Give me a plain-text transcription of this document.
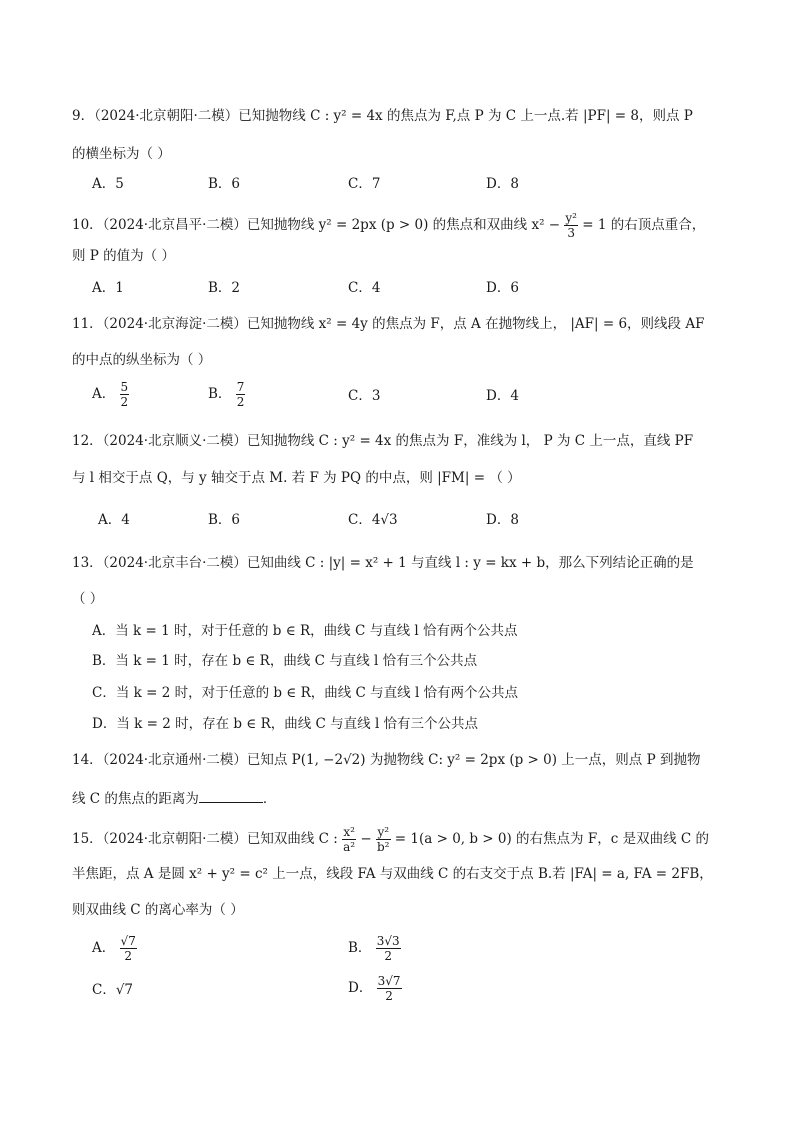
9．（2024·北京朝阳·二模）已知抛物线 C : y² = 4x 的焦点为 F,点 P 为 C 上一点.若 |PF| = 8，则点 P
的横坐标为（ ）
A．5	B．6	C．7	D．8
10．（2024·北京昌平·二模）已知抛物线 y² = 2px (p > 0) 的焦点和双曲线 $x^2 - \frac{\text{y²}}{3} = 1$ 的右顶点重合，
则 P 的值为（ ）
A．1	B．2	C．4	D．6
11．（2024·北京海淀·二模）已知抛物线 x² = 4y 的焦点为 F，点 A 在抛物线上， |AF| = 6，则线段 AF
的中点的纵坐标为（ ）
A． $\frac{5}{2}$	B． $\frac{7}{2}$	C．3	D．4
12．（2024·北京顺义·二模）已知抛物线 C : y² = 4x 的焦点为 F，准线为 l， P 为 C 上一点，直线 PF
与 l 相交于点 Q，与 y 轴交于点 M. 若 F 为 PQ 的中点，则 |FM| = （ ）
A．4	B．6	C．4√3	D．8
13．（2024·北京丰台·二模）已知曲线 C : |y| = x² + 1 与直线 l : y = kx + b，那么下列结论正确的是
（ ）
A．当 k = 1 时，对于任意的 b ∈ R，曲线 C 与直线 l 恰有两个公共点
B．当 k = 1 时，存在 b ∈ R，曲线 C 与直线 l 恰有三个公共点
C．当 k = 2 时，对于任意的 b ∈ R，曲线 C 与直线 l 恰有两个公共点
D．当 k = 2 时，存在 b ∈ R，曲线 C 与直线 l 恰有三个公共点
14．（2024·北京通州·二模）已知点 P(1, −2√2) 为抛物线 C: y² = 2px (p > 0) 上一点，则点 P 到抛物
线 C 的焦点的距离为	．
15．（2024·北京朝阳·二模）已知双曲线 C : $\frac{\text{x²}}{\text{a²}} - \frac{\text{y²}}{\text{b²}} = 1(a > 0$, b > 0) 的右焦点为 F，c 是双曲线 C 的
半焦距，点 A 是圆 x² + y² = c² 上一点，线段 FA 与双曲线 C 的右支交于点 B.若 |FA| = a, FA = 2FB，
则双曲线 C 的离心率为（ ）
A． $\frac{√7}{2}$	B． $\frac{3√3}{2}$
C．√7	D． $\frac{3√7}{2}$
